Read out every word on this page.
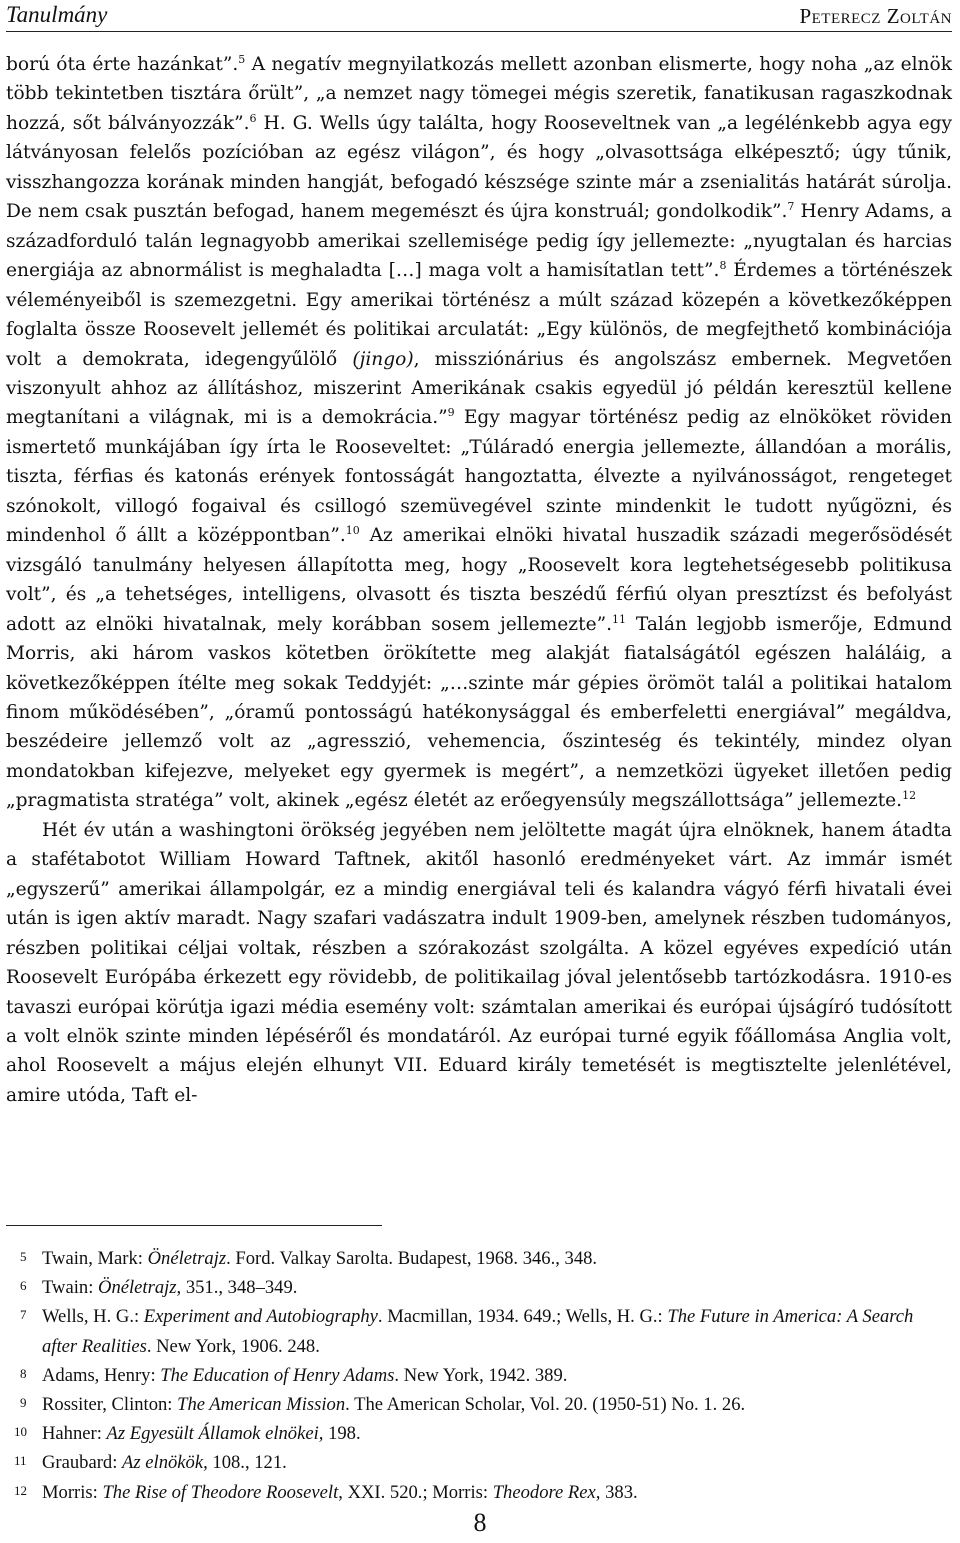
Tanulmány	Peterecz Zoltán

ború óta érte hazánkat”.$^5$ A negatív megnyilatkozás mellett azonban elismerte, hogy noha „az elnök több tekintetben tisztára őrült”, „a nemzet nagy tömegei mégis szeretik, fanatikusan ragaszkodnak hozzá, sőt bálványozzák”.$^6$ H. G. Wells úgy találta, hogy Rooseveltnek van „a legélénkebb agya egy látványosan felelős pozícióban az egész világon”, és hogy „olvasottsága elképesztő; úgy tűnik, visszhangozza korának minden hangját, befogadó készsége szinte már a zsenialitás határát súrolja. De nem csak pusztán befogad, hanem megemészt és újra konstruál; gondolkodik”.$^7$ Henry Adams, a századforduló talán legnagyobb amerikai szellemisége pedig így jellemezte: „nyugtalan és harcias energiája az abnormálist is meghaladta […] maga volt a hamisítatlan tett”.$^8$ Érdemes a történészek véleményeiből is szemezgetni. Egy amerikai történész a múlt század közepén a következőképpen foglalta össze Roosevelt jellemét és politikai arculatát: „Egy különös, de megfejthető kombinációja volt a demokrata, idegengyűlölő (jingo), missziónárius és angolszász embernek. Megvetően viszonyult ahhoz az állításhoz, miszerint Amerikának csakis egyedül jó példán keresztül kellene megtanítani a világnak, mi is a demokrácia.”$^9$ Egy magyar történész pedig az elnököket röviden ismertető munkájában így írta le Rooseveltet: „Túláradó energia jellemezte, állandóan a morális, tiszta, férfias és katonás erények fontosságát hangoztatta, élvezte a nyilvánosságot, rengeteget szónokolt, villogó fogaival és csillogó szemüvegével szinte mindenkit le tudott nyűgözni, és mindenhol ő állt a középpontban”.$^{10}$ Az amerikai elnöki hivatal huszadik századi megerősödését vizsgáló tanulmány helyesen állapította meg, hogy „Roosevelt kora legtehetségesebb politikusa volt”, és „a tehetséges, intelligens, olvasott és tiszta beszédű férfiú olyan presztízst és befolyást adott az elnöki hivatalnak, mely korábban sosem jellemezte”.$^{11}$ Talán legjobb ismerője, Edmund Morris, aki három vaskos kötetben örökítette meg alakját fiatalságától egészen haláláig, a következőképpen ítélte meg sokak Teddyjét: „…szinte már gépies örömöt talál a politikai hatalom finom működésében”, „óramű pontosságú hatékonysággal és emberfeletti energiával” megáldva, beszédeire jellemző volt az „agresszió, vehemencia, őszinteség és tekintély, mindez olyan mondatokban kifejezve, melyeket egy gyermek is megért”, a nemzetközi ügyeket illetően pedig „pragmatista stratéga” volt, akinek „egész életét az erőegyensúly megszállottsága” jellemezte.$^{12}$

Hét év után a washingtoni örökség jegyében nem jelöltette magát újra elnöknek, hanem átadta a stafétabotot William Howard Taftnek, akitől hasonló eredményeket várt. Az immár ismét „egyszerű” amerikai állampolgár, ez a mindig energiával teli és kalandra vágyó férfi hivatali évei után is igen aktív maradt. Nagy szafari vadászatra indult 1909-ben, amelynek részben tudományos, részben politikai céljai voltak, részben a szórakozást szolgálta. A közel egyéves expedíció után Roosevelt Európába érkezett egy rövidebb, de politikailag jóval jelentősebb tartózkodásra. 1910-es tavaszi európai körútja igazi média esemény volt: számtalan amerikai és európai újságíró tudósított a volt elnök szinte minden lépéséről és mondatáról. Az európai turné egyik főállomása Anglia volt, ahol Roosevelt a május elején elhunyt VII. Eduard király temetését is megtisztelte jelenlétével, amire utóda, Taft el-

5 Twain, Mark: Önéletrajz. Ford. Valkay Sarolta. Budapest, 1968. 346., 348.
6 Twain: Önéletrajz, 351., 348–349.
7 Wells, H. G.: Experiment and Autobiography. Macmillan, 1934. 649.; Wells, H. G.: The Future in America: A Search after Realities. New York, 1906. 248.
8 Adams, Henry: The Education of Henry Adams. New York, 1942. 389.
9 Rossiter, Clinton: The American Mission. The American Scholar, Vol. 20. (1950-51) No. 1. 26.
10 Hahner: Az Egyesült Államok elnökei, 198.
11 Graubard: Az elnökök, 108., 121.
12 Morris: The Rise of Theodore Roosevelt, XXI. 520.; Morris: Theodore Rex, 383.
8
